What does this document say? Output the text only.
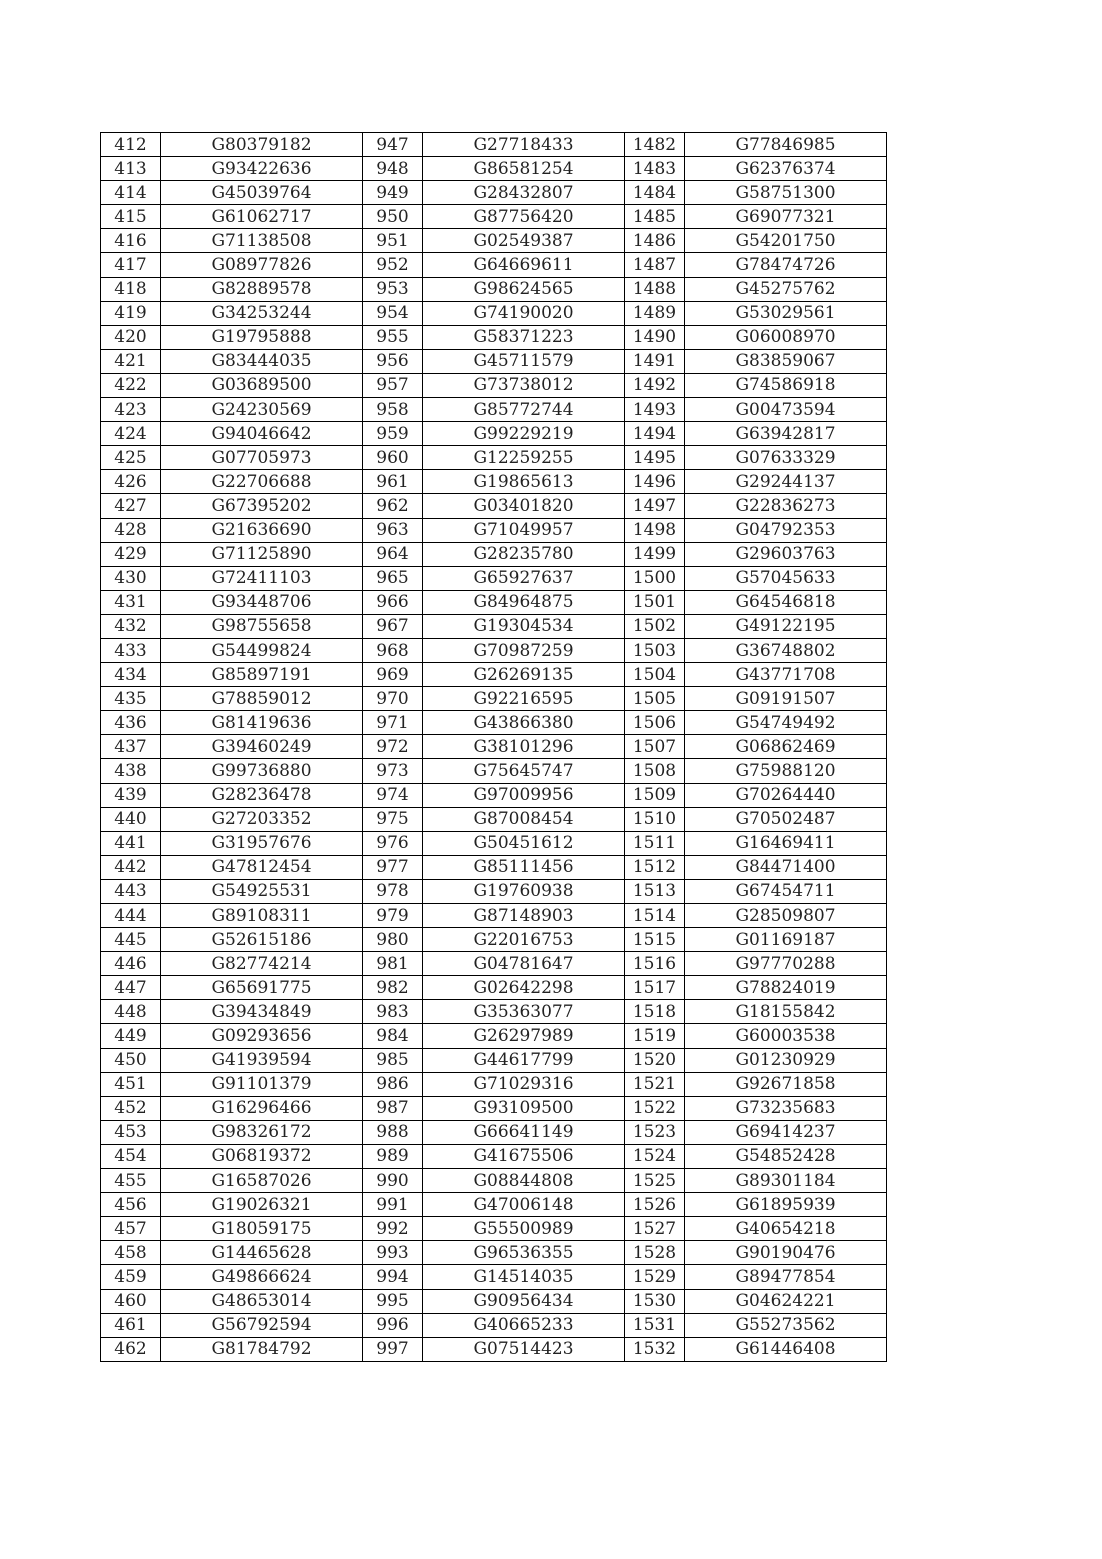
412	G80379182	947	G27718433	1482	G77846985
413	G93422636	948	G86581254	1483	G62376374
414	G45039764	949	G28432807	1484	G58751300
415	G61062717	950	G87756420	1485	G69077321
416	G71138508	951	G02549387	1486	G54201750
417	G08977826	952	G64669611	1487	G78474726
418	G82889578	953	G98624565	1488	G45275762
419	G34253244	954	G74190020	1489	G53029561
420	G19795888	955	G58371223	1490	G06008970
421	G83444035	956	G45711579	1491	G83859067
422	G03689500	957	G73738012	1492	G74586918
423	G24230569	958	G85772744	1493	G00473594
424	G94046642	959	G99229219	1494	G63942817
425	G07705973	960	G12259255	1495	G07633329
426	G22706688	961	G19865613	1496	G29244137
427	G67395202	962	G03401820	1497	G22836273
428	G21636690	963	G71049957	1498	G04792353
429	G71125890	964	G28235780	1499	G29603763
430	G72411103	965	G65927637	1500	G57045633
431	G93448706	966	G84964875	1501	G64546818
432	G98755658	967	G19304534	1502	G49122195
433	G54499824	968	G70987259	1503	G36748802
434	G85897191	969	G26269135	1504	G43771708
435	G78859012	970	G92216595	1505	G09191507
436	G81419636	971	G43866380	1506	G54749492
437	G39460249	972	G38101296	1507	G06862469
438	G99736880	973	G75645747	1508	G75988120
439	G28236478	974	G97009956	1509	G70264440
440	G27203352	975	G87008454	1510	G70502487
441	G31957676	976	G50451612	1511	G16469411
442	G47812454	977	G85111456	1512	G84471400
443	G54925531	978	G19760938	1513	G67454711
444	G89108311	979	G87148903	1514	G28509807
445	G52615186	980	G22016753	1515	G01169187
446	G82774214	981	G04781647	1516	G97770288
447	G65691775	982	G02642298	1517	G78824019
448	G39434849	983	G35363077	1518	G18155842
449	G09293656	984	G26297989	1519	G60003538
450	G41939594	985	G44617799	1520	G01230929
451	G91101379	986	G71029316	1521	G92671858
452	G16296466	987	G93109500	1522	G73235683
453	G98326172	988	G66641149	1523	G69414237
454	G06819372	989	G41675506	1524	G54852428
455	G16587026	990	G08844808	1525	G89301184
456	G19026321	991	G47006148	1526	G61895939
457	G18059175	992	G55500989	1527	G40654218
458	G14465628	993	G96536355	1528	G90190476
459	G49866624	994	G14514035	1529	G89477854
460	G48653014	995	G90956434	1530	G04624221
461	G56792594	996	G40665233	1531	G55273562
462	G81784792	997	G07514423	1532	G61446408
